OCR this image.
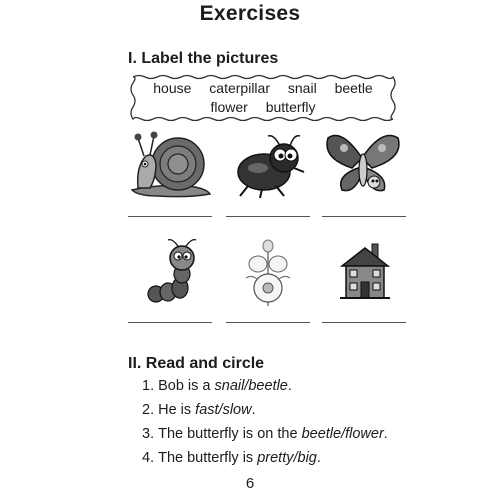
Exercises
I. Label the pictures
house caterpillar snail beetle
flower butterfly
II. Read and circle
1. Bob is a snail/beetle.
2. He is fast/slow.
3. The butterfly is on the beetle/flower.
4. The butterfly is pretty/big.
6
